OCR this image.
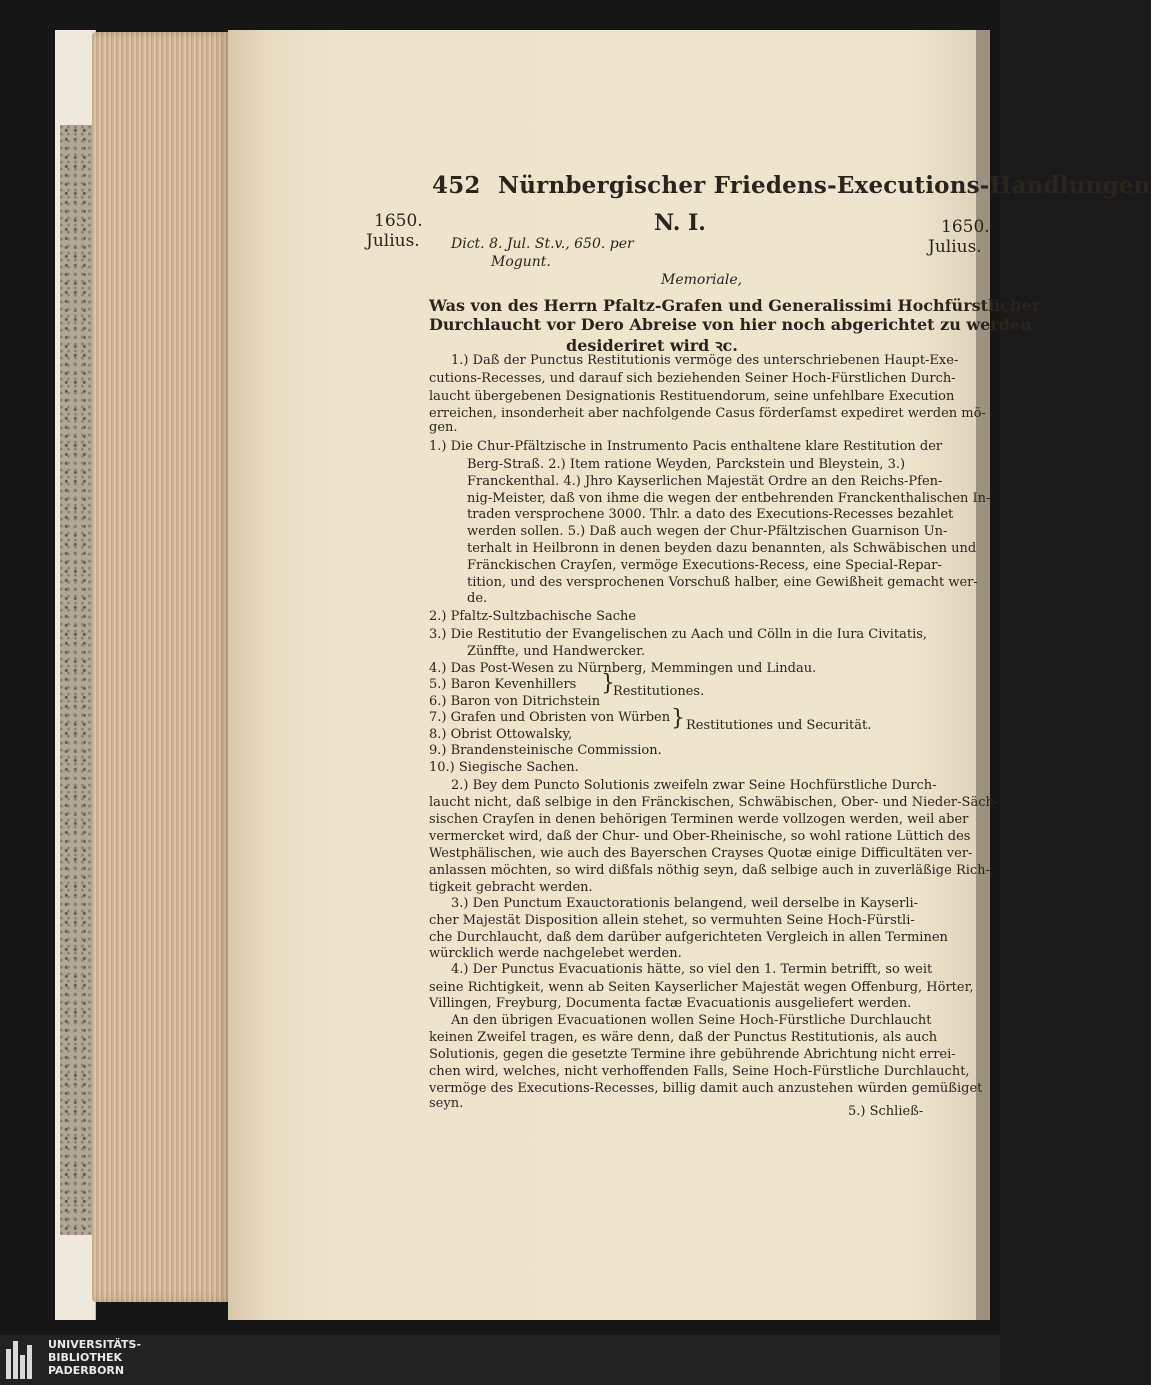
452 Nürnbergischer Friedens-Executions-Handlungen
1650.
Julius.
1650.
Julius.
N. I.
Dict. 8. Jul. St.v., 650. per
Mogunt.
Memoriale,
Was von des Herrn Pfaltz-Grafen und Generalissimi Hochfürstlicher
Durchlaucht vor Dero Abreise von hier noch abgerichtet zu werden
desideriret wird ꝛc.
1.) Daß der Punctus Restitutionis vermöge des unterschriebenen Haupt-Exe-
cutions-Recesses, und darauf sich beziehenden Seiner Hoch-Fürstlichen Durch-
laucht übergebenen Designationis Restituendorum, seine unfehlbare Execution
erreichen, insonderheit aber nachfolgende Casus förderſamst expediret werden mö-
gen.
1.) Die Chur-Pfältzische in Instrumento Pacis enthaltene klare Restitution der
Berg-Straß. 2.) Item ratione Weyden, Parckstein und Bleystein, 3.)
Franckenthal. 4.) Jhro Kayserlichen Majestät Ordre an den Reichs-Pfen-
nig-Meister, daß von ihme die wegen der entbehrenden Franckenthalischen In-
traden versprochene 3000. Thlr. a dato des Executions-Recesses bezahlet
werden sollen. 5.) Daß auch wegen der Chur-Pfältzischen Guarnison Un-
terhalt in Heilbronn in denen beyden dazu benannten, als Schwäbischen und
Fränckischen Crayſen, vermöge Executions-Recess, eine Special-Repar-
tition, und des versprochenen Vorschuß halber, eine Gewißheit gemacht wer-
de.
2.) Pfaltz-Sultzbachische Sache
3.) Die Restitutio der Evangelischen zu Aach und Cölln in die Iura Civitatis,
Zünffte, und Handwercker.
4.) Das Post-Wesen zu Nürnberg, Memmingen und Lindau.
5.) Baron Kevenhillers
6.) Baron von Ditrichstein
7.) Grafen und Obristen von Würben
8.) Obrist Ottowalsky,
9.) Brandensteinische Commission.
10.) Siegische Sachen.
2.) Bey dem Puncto Solutionis zweifeln zwar Seine Hochfürstliche Durch-
laucht nicht, daß selbige in den Fränckischen, Schwäbischen, Ober- und Nieder-Säch-
sischen Crayſen in denen behörigen Terminen werde vollzogen werden, weil aber
vermercket wird, daß der Chur- und Ober-Rheinische, so wohl ratione Lüttich des
Westphälischen, wie auch des Bayerschen Crayses Quotæ einige Difficultäten ver-
anlassen möchten, so wird dißfals nöthig seyn, daß selbige auch in zuverläßige Rich-
tigkeit gebracht werden.
3.) Den Punctum Exauctorationis belangend, weil derselbe in Kayserli-
cher Majestät Disposition allein stehet, so vermuhten Seine Hoch-Fürstli-
che Durchlaucht, daß dem darüber aufgerichteten Vergleich in allen Terminen
würcklich werde nachgelebet werden.
4.) Der Punctus Evacuationis hätte, so viel den 1. Termin betrifft, so weit
seine Richtigkeit, wenn ab Seiten Kayserlicher Majestät wegen Offenburg, Hörter,
Villingen, Freyburg, Documenta factæ Evacuationis ausgeliefert werden.
An den übrigen Evacuationen wollen Seine Hoch-Fürstliche Durchlaucht
keinen Zweifel tragen, es wäre denn, daß der Punctus Restitutionis, als auch
Solutionis, gegen die gesetzte Termine ihre gebührende Abrichtung nicht errei-
chen wird, welches, nicht verhoffenden Falls, Seine Hoch-Fürstliche Durchlaucht,
vermöge des Executions-Recesses, billig damit auch anzustehen würden gemüßiget
seyn.
}
Restitutiones.
} Restitutiones und Securität.
5.) Schließ-
UNIVERSITÄTS-
BIBLIOTHEK
PADERBORN
